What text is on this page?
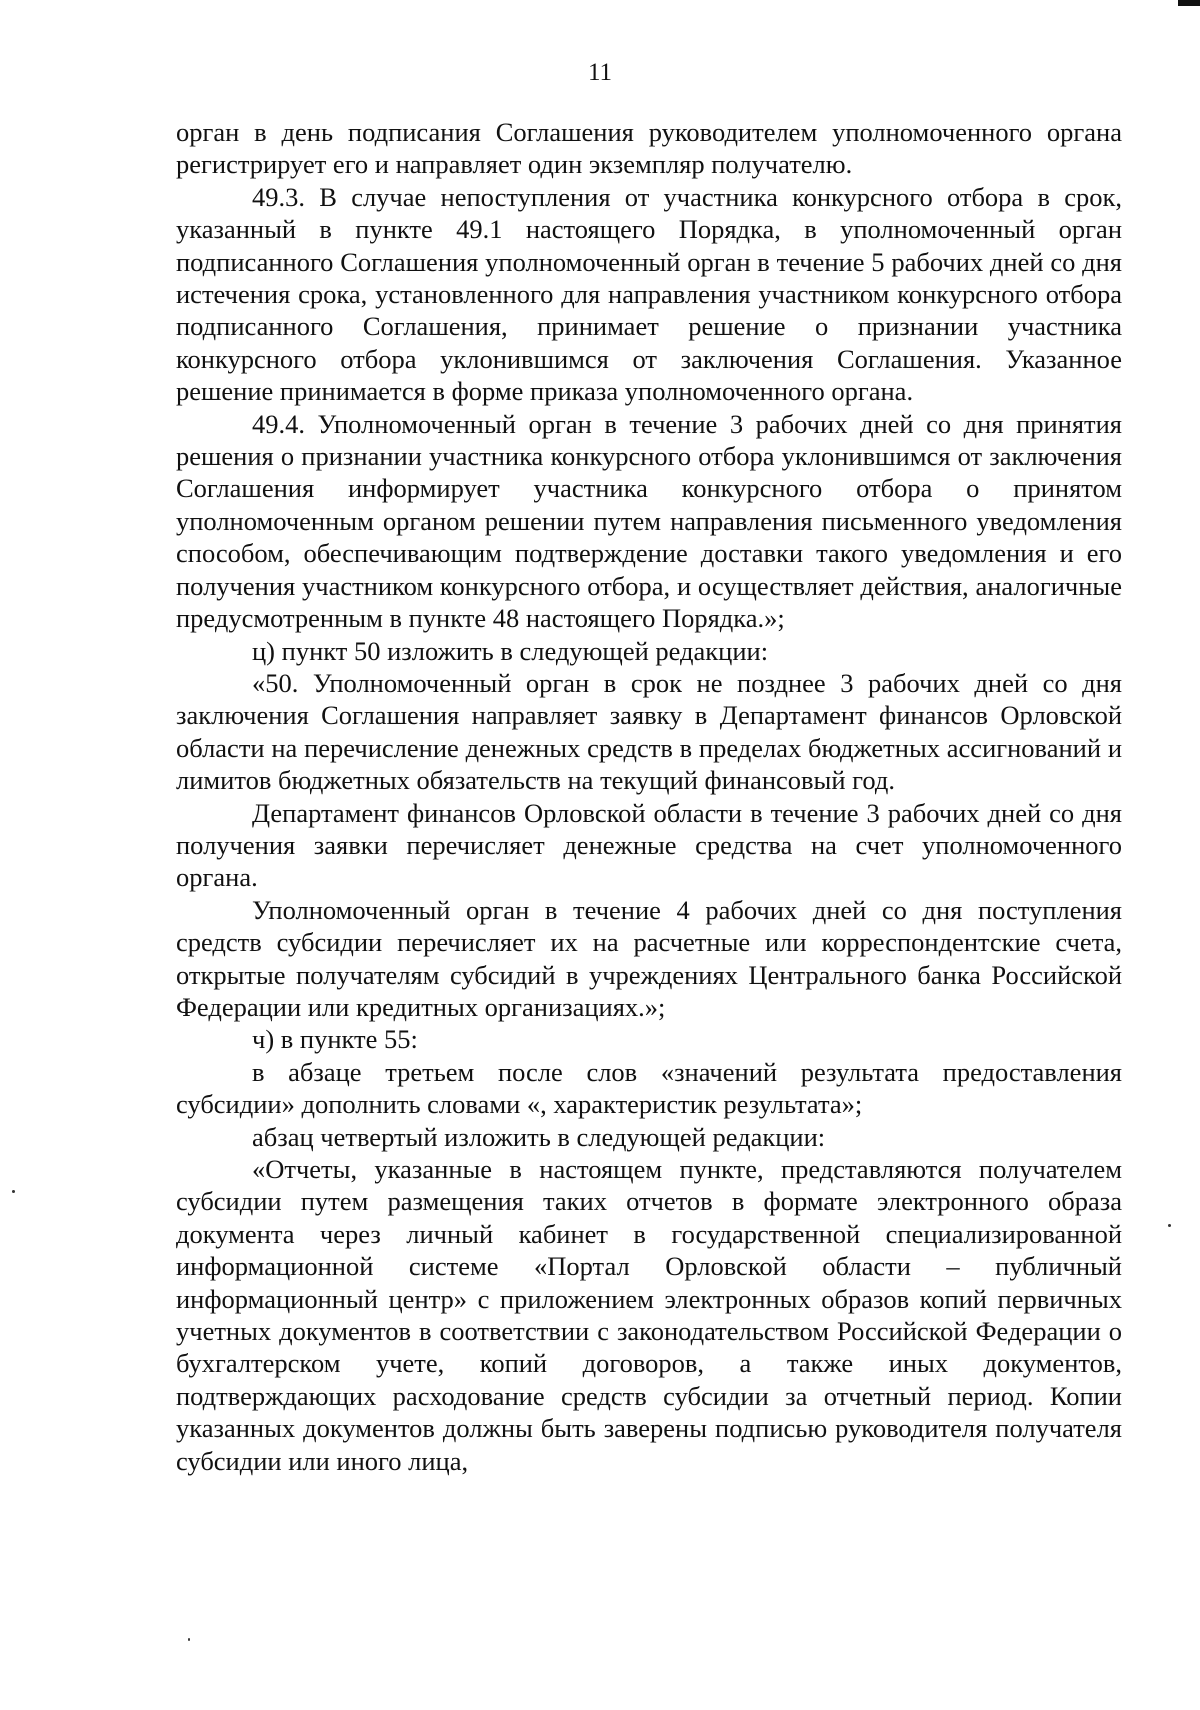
11

орган в день подписания Соглашения руководителем уполномоченного органа регистрирует его и направляет один экземпляр получателю.

49.3. В случае непоступления от участника конкурсного отбора в срок, указанный в пункте 49.1 настоящего Порядка, в уполномоченный орган подписанного Соглашения уполномоченный орган в течение 5 рабочих дней со дня истечения срока, установленного для направления участником конкурсного отбора подписанного Соглашения, принимает решение о признании участника конкурсного отбора уклонившимся от заключения Соглашения. Указанное решение принимается в форме приказа уполномоченного органа.

49.4. Уполномоченный орган в течение 3 рабочих дней со дня принятия решения о признании участника конкурсного отбора уклонившимся от заключения Соглашения информирует участника конкурсного отбора о принятом уполномоченным органом решении путем направления письменного уведомления способом, обеспечивающим подтверждение доставки такого уведомления и его получения участником конкурсного отбора, и осуществляет действия, аналогичные предусмотренным в пункте 48 настоящего Порядка.»;

ц) пункт 50 изложить в следующей редакции:

«50. Уполномоченный орган в срок не позднее 3 рабочих дней со дня заключения Соглашения направляет заявку в Департамент финансов Орловской области на перечисление денежных средств в пределах бюджетных ассигнований и лимитов бюджетных обязательств на текущий финансовый год.

Департамент финансов Орловской области в течение 3 рабочих дней со дня получения заявки перечисляет денежные средства на счет уполномоченного органа.

Уполномоченный орган в течение 4 рабочих дней со дня поступления средств субсидии перечисляет их на расчетные или корреспондентские счета, открытые получателям субсидий в учреждениях Центрального банка Российской Федерации или кредитных организациях.»;

ч) в пункте 55:

в абзаце третьем после слов «значений результата предоставления субсидии» дополнить словами «, характеристик результата»;

абзац четвертый изложить в следующей редакции:

«Отчеты, указанные в настоящем пункте, представляются получателем субсидии путем размещения таких отчетов в формате электронного образа документа через личный кабинет в государственной специализированной информационной системе «Портал Орловской области – публичный информационный центр» с приложением электронных образов копий первичных учетных документов в соответствии с законодательством Российской Федерации о бухгалтерском учете, копий договоров, а также иных документов, подтверждающих расходование средств субсидии за отчетный период. Копии указанных документов должны быть заверены подписью руководителя получателя субсидии или иного лица,
